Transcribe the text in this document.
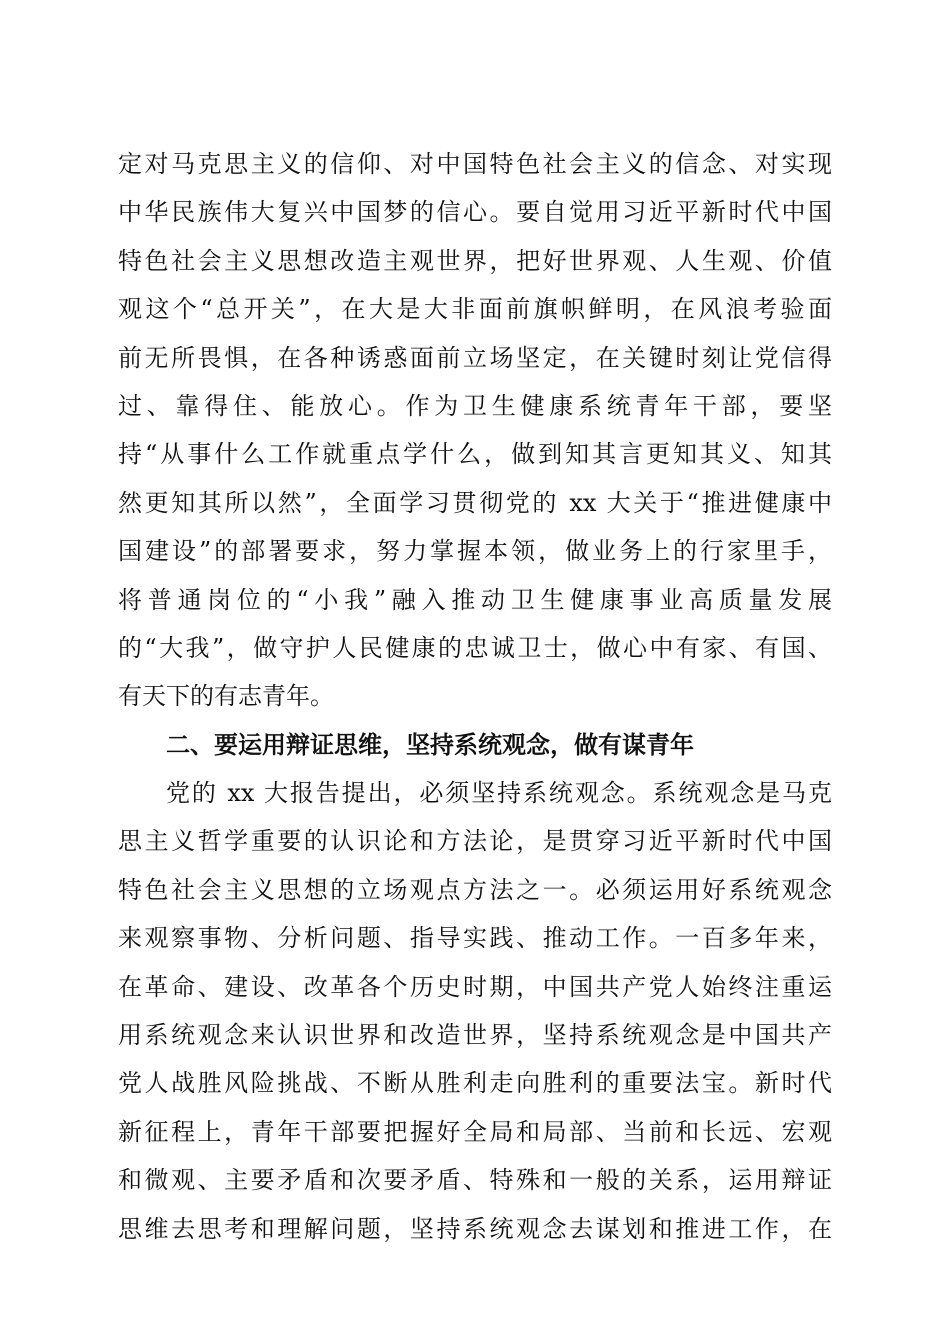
定对马克思主义的信仰、对中国特色社会主义的信念、对实现
中华民族伟大复兴中国梦的信心。要自觉用习近平新时代中国
特色社会主义思想改造主观世界，把好世界观、人生观、价值
观这个“总开关”，在大是大非面前旗帜鲜明，在风浪考验面
前无所畏惧，在各种诱惑面前立场坚定，在关键时刻让党信得
过、靠得住、能放心。作为卫生健康系统青年干部，要坚
持“从事什么工作就重点学什么，做到知其言更知其义、知其
然更知其所以然”，全面学习贯彻党的 xx 大关于“推进健康中
国建设”的部署要求，努力掌握本领，做业务上的行家里手，
将普通岗位的“小我”融入推动卫生健康事业高质量发展
的“大我”，做守护人民健康的忠诚卫士，做心中有家、有国、
有天下的有志青年。
二、要运用辩证思维，坚持系统观念，做有谋青年
党的 xx 大报告提出，必须坚持系统观念。系统观念是马克
思主义哲学重要的认识论和方法论，是贯穿习近平新时代中国
特色社会主义思想的立场观点方法之一。必须运用好系统观念
来观察事物、分析问题、指导实践、推动工作。一百多年来，
在革命、建设、改革各个历史时期，中国共产党人始终注重运
用系统观念来认识世界和改造世界，坚持系统观念是中国共产
党人战胜风险挑战、不断从胜利走向胜利的重要法宝。新时代
新征程上，青年干部要把握好全局和局部、当前和长远、宏观
和微观、主要矛盾和次要矛盾、特殊和一般的关系，运用辩证
思维去思考和理解问题，坚持系统观念去谋划和推进工作，在
